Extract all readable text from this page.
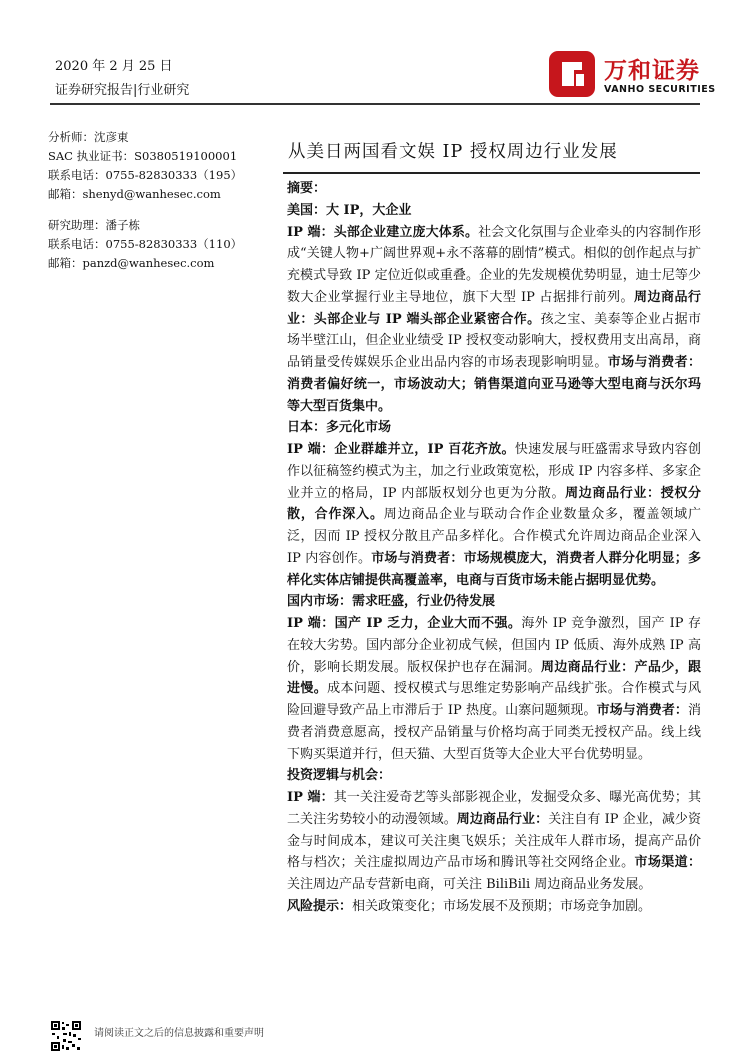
2020 年 2 月 25 日
证券研究报告|行业研究
万和证券
VANHO SECURITIES
分析师：沈彦東
SAC 执业证书：S0380519100001
联系电话：0755-82830333（195）
邮箱：shenyd@wanhesec.com
研究助理：潘子栋
联系电话：0755-82830333（110）
邮箱：panzd@wanhesec.com
从美日两国看文娱 IP 授权周边行业发展

摘要：

美国：大 IP，大企业

IP 端：头部企业建立庞大体系。社会文化氛围与企业牵头的内容制作形成“关键人物+广阔世界观+永不落幕的剧情”模式。相似的创作起点与扩充模式导致 IP 定位近似或重叠。企业的先发规模优势明显，迪士尼等少数大企业掌握行业主导地位，旗下大型 IP 占据排行前列。周边商品行业：头部企业与 IP 端头部企业紧密合作。孩之宝、美泰等企业占据市场半壁江山，但企业业绩受 IP 授权变动影响大，授权费用支出高昂，商品销量受传媒娱乐企业出品内容的市场表现影响明显。市场与消费者：消费者偏好统一，市场波动大；销售渠道向亚马逊等大型电商与沃尔玛等大型百货集中。

日本：多元化市场

IP 端：企业群雄并立，IP 百花齐放。快速发展与旺盛需求导致内容创作以征稿签约模式为主，加之行业政策宽松，形成 IP 内容多样、多家企业并立的格局，IP 内部版权划分也更为分散。周边商品行业：授权分散，合作深入。周边商品企业与联动合作企业数量众多，覆盖领域广泛，因而 IP 授权分散且产品多样化。合作模式允许周边商品企业深入 IP 内容创作。市场与消费者：市场规模庞大，消费者人群分化明显；多样化实体店铺提供高覆盖率，电商与百货市场未能占据明显优势。

国内市场：需求旺盛，行业仍待发展

IP 端：国产 IP 乏力，企业大而不强。海外 IP 竞争激烈，国产 IP 存在较大劣势。国内部分企业初成气候，但国内 IP 低质、海外成熟 IP 高价，影响长期发展。版权保护也存在漏洞。周边商品行业：产品少，跟进慢。成本问题、授权模式与思维定势影响产品线扩张。合作模式与风险回避导致产品上市滞后于 IP 热度。山寨问题频现。市场与消费者：消费者消费意愿高，授权产品销量与价格均高于同类无授权产品。线上线下购买渠道并行，但天猫、大型百货等大企业大平台优势明显。

投资逻辑与机会：

IP 端：其一关注爱奇艺等头部影视企业，发掘受众多、曝光高优势；其二关注劣势较小的动漫领域。周边商品行业：关注自有 IP 企业，减少资金与时间成本，建议可关注奥飞娱乐；关注成年人群市场，提高产品价格与档次；关注虚拟周边产品市场和腾讯等社交网络企业。市场渠道：关注周边产品专营新电商，可关注 BiliBili 周边商品业务发展。

风险提示：相关政策变化；市场发展不及预期；市场竞争加剧。

请阅读正文之后的信息披露和重要声明
